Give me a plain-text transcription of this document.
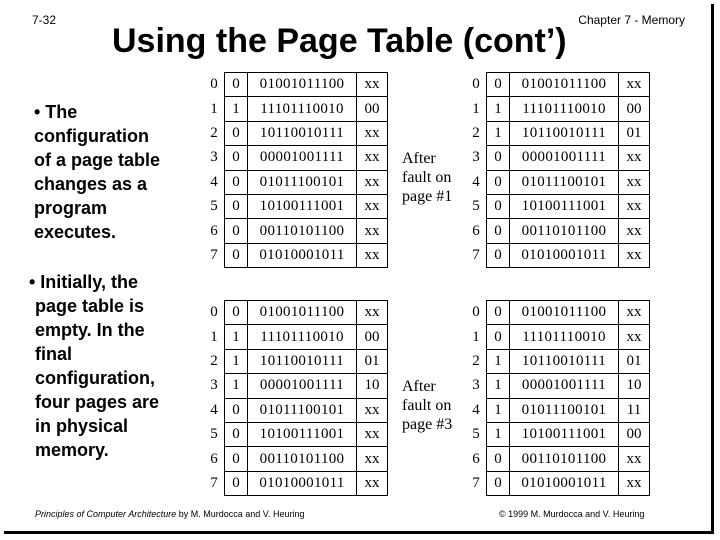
7-32	Chapter 7 - Memory
Using the Page Table (cont’)
• The
configuration
of a page table
changes as a
program
executes.
• Initially, the
page table is
empty. In the
final
configuration,
four pages are
in physical
memory.
0	0	01001011100	xx
1	1	11101110010	00
2	0	10110010111	xx
3	0	00001001111	xx
4	0	01011100101	xx
5	0	10100111001	xx
6	0	00110101100	xx
7	0	01010001011	xx
0	0	01001011100	xx
1	1	11101110010	00
2	1	10110010111	01
3	0	00001001111	xx
4	0	01011100101	xx
5	0	10100111001	xx
6	0	00110101100	xx
7	0	01010001011	xx
0	0	01001011100	xx
1	1	11101110010	00
2	1	10110010111	01
3	1	00001001111	10
4	0	01011100101	xx
5	0	10100111001	xx
6	0	00110101100	xx
7	0	01010001011	xx
0	0	01001011100	xx
1	0	11101110010	xx
2	1	10110010111	01
3	1	00001001111	10
4	1	01011100101	11
5	1	10100111001	00
6	0	00110101100	xx
7	0	01010001011	xx
After
fault on
page #1
After
fault on
page #3
Principles of Computer Architecture by M. Murdocca and V. Heuring	© 1999 M. Murdocca and V. Heuring
